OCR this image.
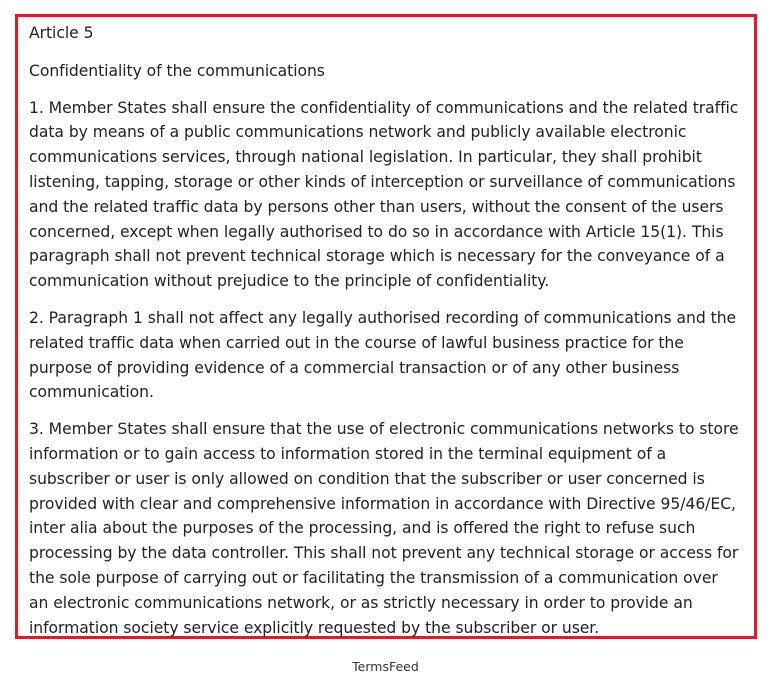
Article 5

Confidentiality of the communications

1. Member States shall ensure the confidentiality of communications and the related traffic data by means of a public communications network and publicly available electronic communications services, through national legislation. In particular, they shall prohibit listening, tapping, storage or other kinds of interception or surveillance of communications and the related traffic data by persons other than users, without the consent of the users concerned, except when legally authorised to do so in accordance with Article 15(1). This paragraph shall not prevent technical storage which is necessary for the conveyance of a communication without prejudice to the principle of confidentiality.

2. Paragraph 1 shall not affect any legally authorised recording of communications and the related traffic data when carried out in the course of lawful business practice for the purpose of providing evidence of a commercial transaction or of any other business communication.

3. Member States shall ensure that the use of electronic communications networks to store information or to gain access to information stored in the terminal equipment of a subscriber or user is only allowed on condition that the subscriber or user concerned is provided with clear and comprehensive information in accordance with Directive 95/46/EC, inter alia about the purposes of the processing, and is offered the right to refuse such processing by the data controller. This shall not prevent any technical storage or access for the sole purpose of carrying out or facilitating the transmission of a communication over an electronic communications network, or as strictly necessary in order to provide an information society service explicitly requested by the subscriber or user.

TermsFeed
